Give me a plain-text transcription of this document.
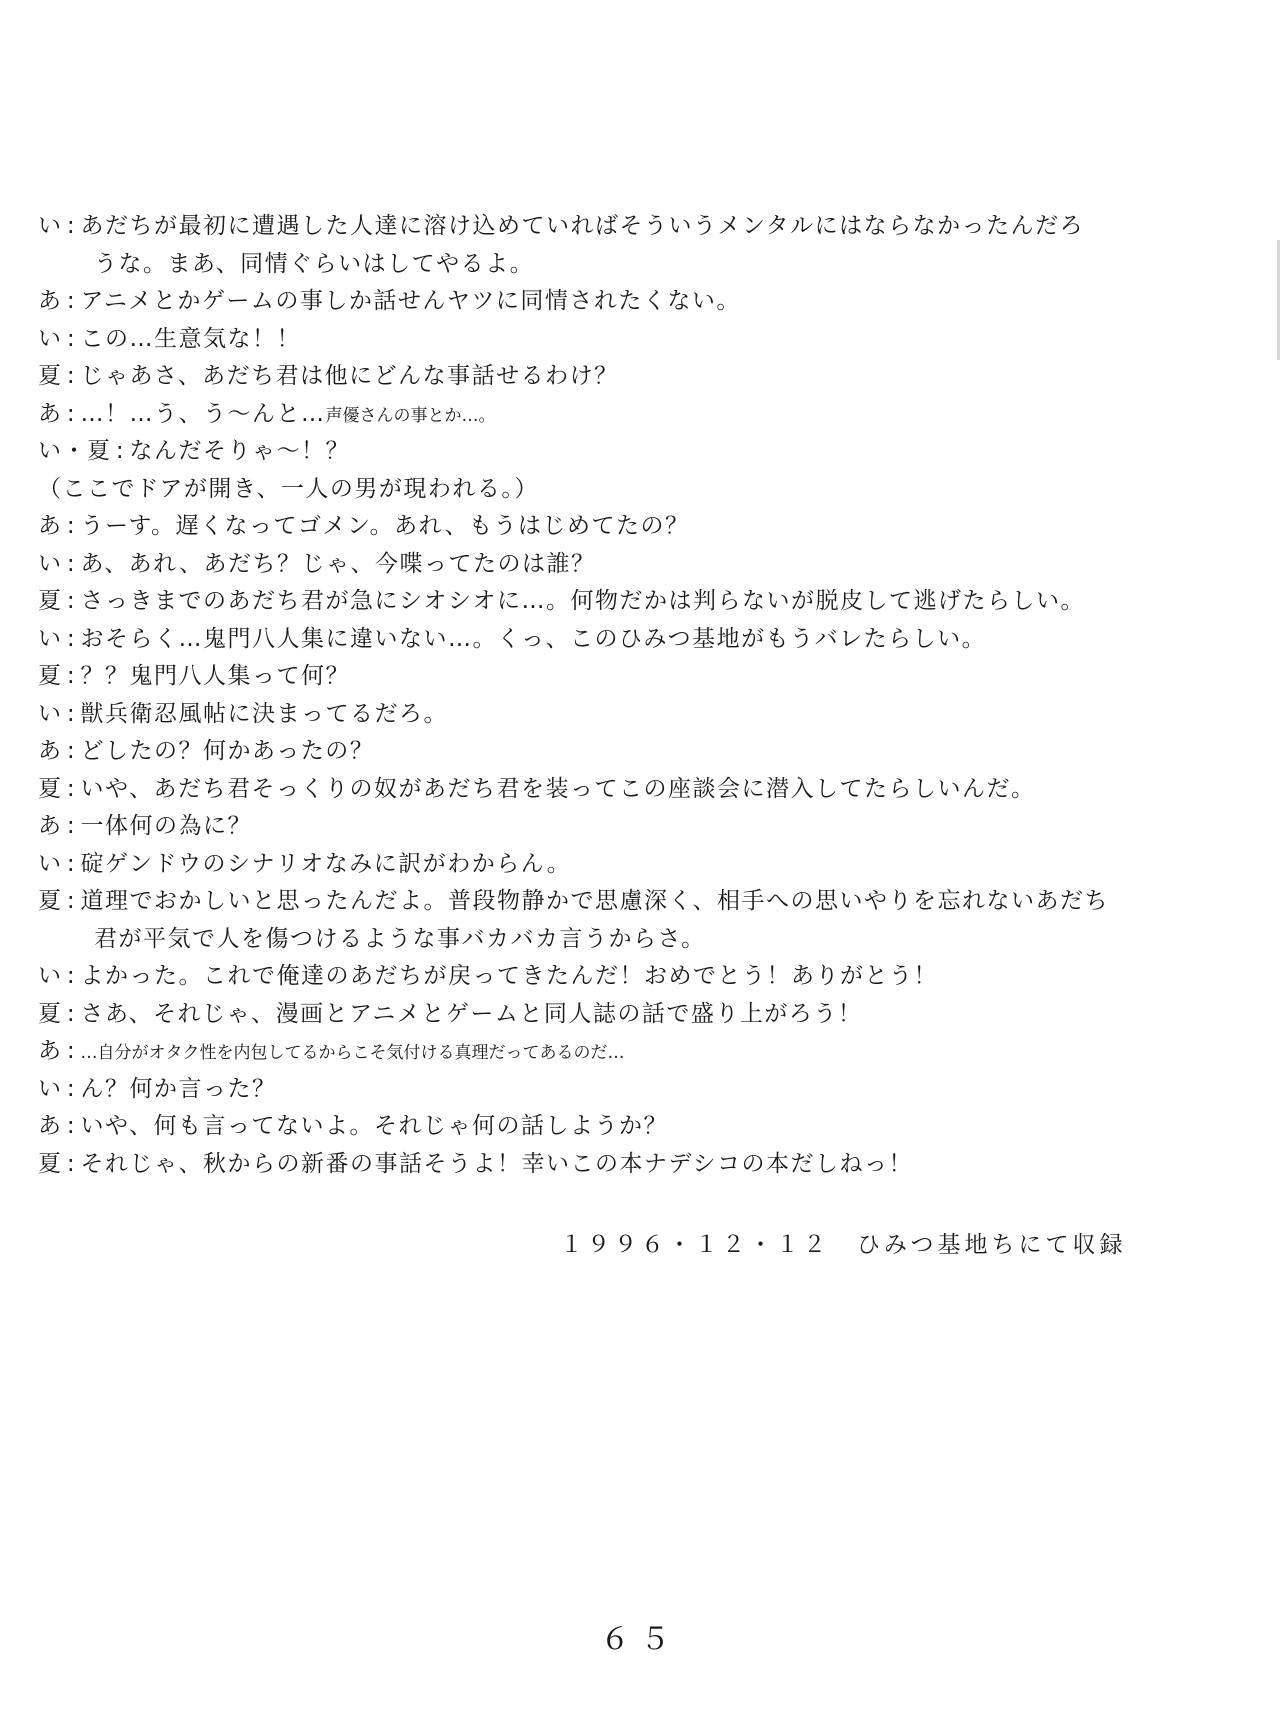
い : あだちが最初に遭遇した人達に溶け込めていればそういうメンタルにはならなかったんだろ
うな。まあ、同情ぐらいはしてやるよ。
あ : アニメとかゲームの事しか話せんヤツに同情されたくない。
い : この…生意気な！！
夏 : じゃあさ、あだち君は他にどんな事話せるわけ？
あ : …！…う、う～んと… 声優さんの事とか…。
い・夏 : なんだそりゃ～！？
（ここでドアが開き、一人の男が現われる。）
あ : うーす。遅くなってゴメン。あれ、もうはじめてたの？
い : あ、あれ、あだち？じゃ、今喋ってたのは誰？
夏 : さっきまでのあだち君が急にシオシオに…。何物だかは判らないが脱皮して逃げたらしい。
い : おそらく…鬼門八人集に違いない…。くっ、このひみつ基地がもうバレたらしい。
夏 : ？？鬼門八人集って何？
い : 獣兵衛忍風帖に決まってるだろ。
あ : どしたの？何かあったの？
夏 : いや、あだち君そっくりの奴があだち君を装ってこの座談会に潜入してたらしいんだ。
あ : 一体何の為に？
い : 碇ゲンドウのシナリオなみに訳がわからん。
夏 : 道理でおかしいと思ったんだよ。普段物静かで思慮深く、相手への思いやりを忘れないあだち
君が平気で人を傷つけるような事バカバカ言うからさ。
い : よかった。これで俺達のあだちが戻ってきたんだ！おめでとう！ありがとう！
夏 : さあ、それじゃ、漫画とアニメとゲームと同人誌の話で盛り上がろう！
あ : …自分がオタク性を内包してるからこそ気付ける真理だってあるのだ…
い : ん？何か言った？
あ : いや、何も言ってないよ。それじゃ何の話しようか？
夏 : それじゃ、秋からの新番の事話そうよ！幸いこの本ナデシコの本だしねっ！
１９９６・１２・１２　ひみつ基地ちにて収録
６５
